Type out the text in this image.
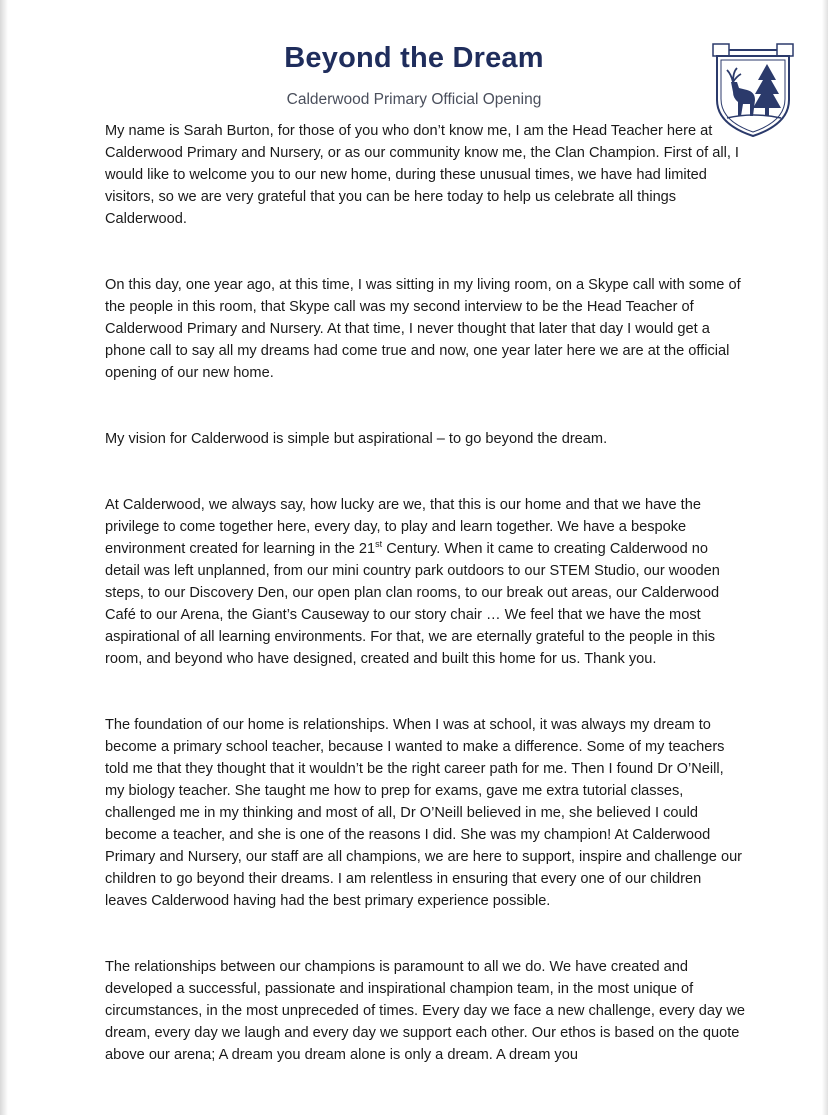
Beyond the Dream
Calderwood Primary Official Opening

My name is Sarah Burton, for those of you who don’t know me, I am the Head Teacher here at Calderwood Primary and Nursery, or as our community know me, the Clan Champion. First of all, I would like to welcome you to our new home, during these unusual times, we have had limited visitors, so we are very grateful that you can be here today to help us celebrate all things Calderwood.

On this day, one year ago, at this time, I was sitting in my living room, on a Skype call with some of the people in this room, that Skype call was my second interview to be the Head Teacher of Calderwood Primary and Nursery. At that time, I never thought that later that day I would get a phone call to say all my dreams had come true and now, one year later here we are at the official opening of our new home.

My vision for Calderwood is simple but aspirational – to go beyond the dream.

At Calderwood, we always say, how lucky are we, that this is our home and that we have the privilege to come together here, every day, to play and learn together. We have a bespoke environment created for learning in the 21st Century. When it came to creating Calderwood no detail was left unplanned, from our mini country park outdoors to our STEM Studio, our wooden steps, to our Discovery Den, our open plan clan rooms, to our break out areas, our Calderwood Café to our Arena, the Giant’s Causeway to our story chair … We feel that we have the most aspirational of all learning environments. For that, we are eternally grateful to the people in this room, and beyond who have designed, created and built this home for us. Thank you.

The foundation of our home is relationships. When I was at school, it was always my dream to become a primary school teacher, because I wanted to make a difference. Some of my teachers told me that they thought that it wouldn’t be the right career path for me. Then I found Dr O’Neill, my biology teacher. She taught me how to prep for exams, gave me extra tutorial classes, challenged me in my thinking and most of all, Dr O’Neill believed in me, she believed I could become a teacher, and she is one of the reasons I did. She was my champion! At Calderwood Primary and Nursery, our staff are all champions, we are here to support, inspire and challenge our children to go beyond their dreams. I am relentless in ensuring that every one of our children leaves Calderwood having had the best primary experience possible.

The relationships between our champions is paramount to all we do. We have created and developed a successful, passionate and inspirational champion team, in the most unique of circumstances, in the most unpreceded of times. Every day we face a new challenge, every day we dream, every day we laugh and every day we support each other. Our ethos is based on the quote above our arena; A dream you dream alone is only a dream. A dream you
